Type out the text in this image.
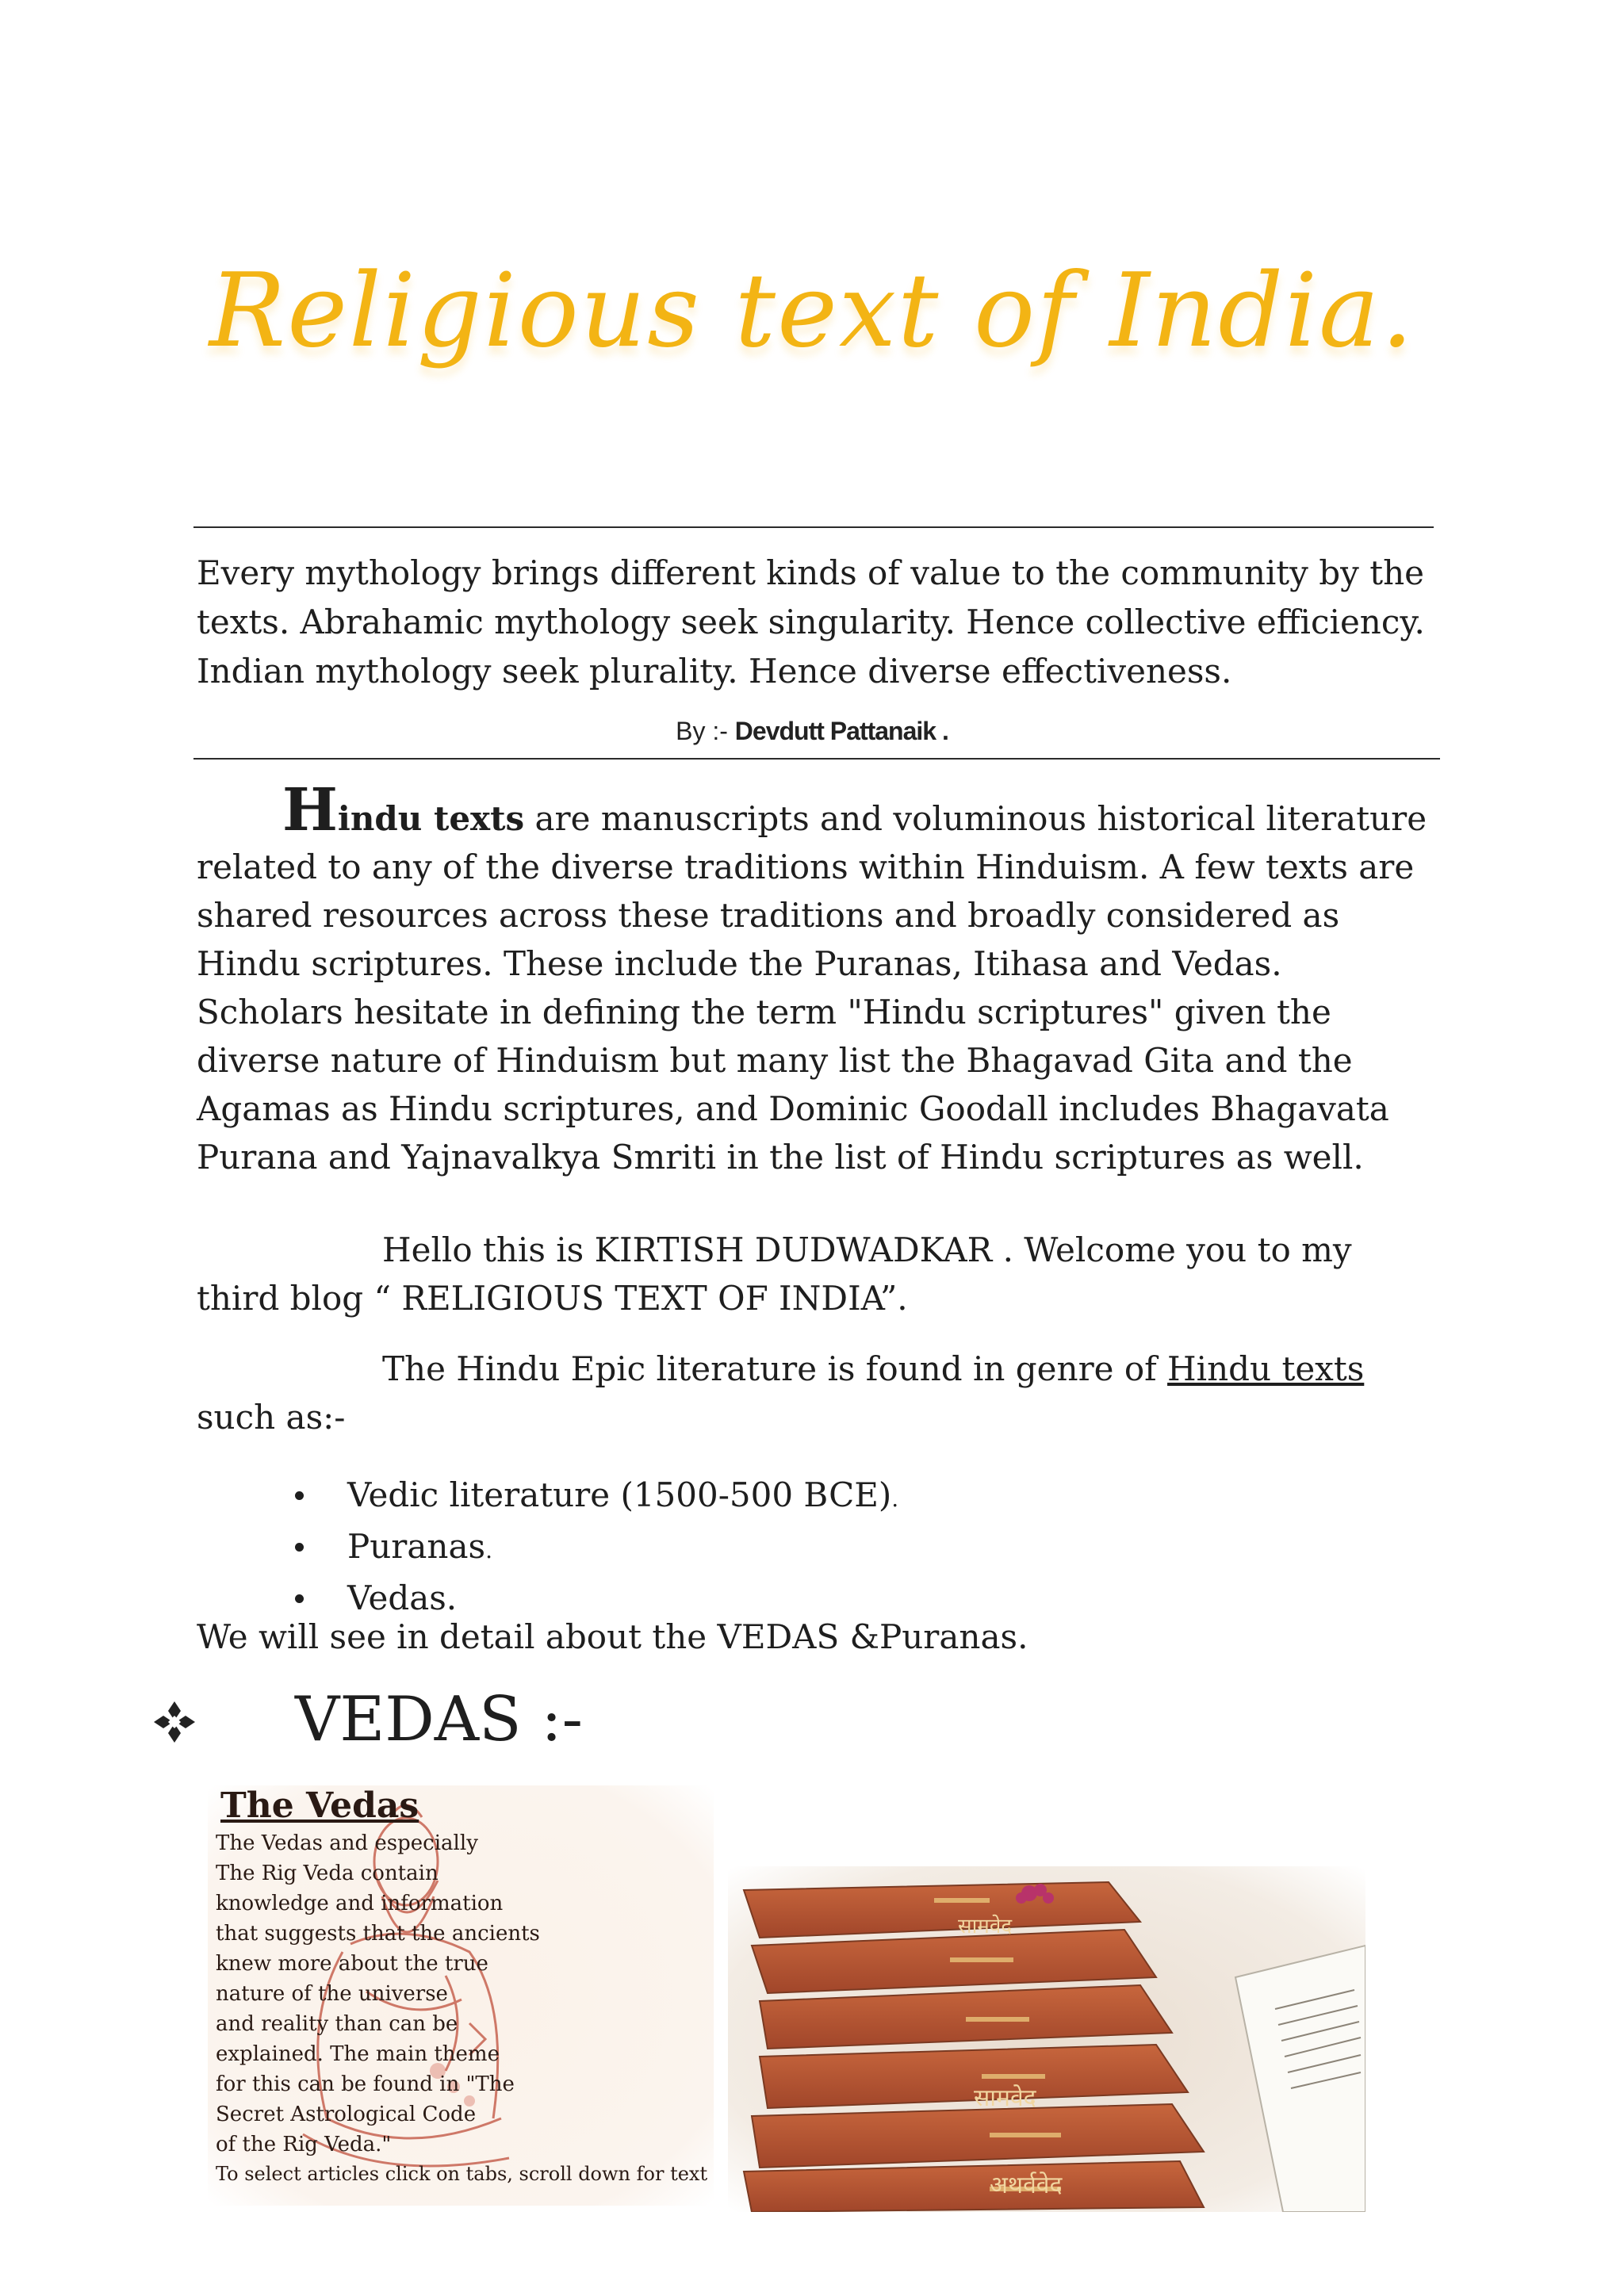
Religious text of India.
Every mythology brings different kinds of value to the community by the texts. Abrahamic mythology seek singularity. Hence collective efficiency. Indian mythology seek plurality. Hence diverse effectiveness.
By :- Devdutt Pattanaik .
Hindu texts are manuscripts and voluminous historical literature related to any of the diverse traditions within Hinduism. A few texts are shared resources across these traditions and broadly considered as Hindu scriptures. These include the Puranas, Itihasa and Vedas. Scholars hesitate in defining the term "Hindu scriptures" given the diverse nature of Hinduism but many list the Bhagavad Gita and the Agamas as Hindu scriptures, and Dominic Goodall includes Bhagavata Purana and Yajnavalkya Smriti in the list of Hindu scriptures as well.
Hello this is KIRTISH DUDWADKAR . Welcome you to my third blog “ RELIGIOUS TEXT OF INDIA”.
The Hindu Epic literature is found in genre of Hindu texts such as:-
Vedic literature (1500-500 BCE).
Puranas.
Vedas.
We will see in detail about the VEDAS &Puranas.
VEDAS :-
The Vedas
The Vedas and especially
The Rig Veda contain
knowledge and information
that suggests that the ancients
knew more about the true
nature of the universe
and reality than can be
explained. The main theme
for this can be found in "The
Secret Astrological Code
of the Rig Veda."
To select articles click on tabs, scroll down for text
सामवेद
सामवेद
अथर्ववेद
